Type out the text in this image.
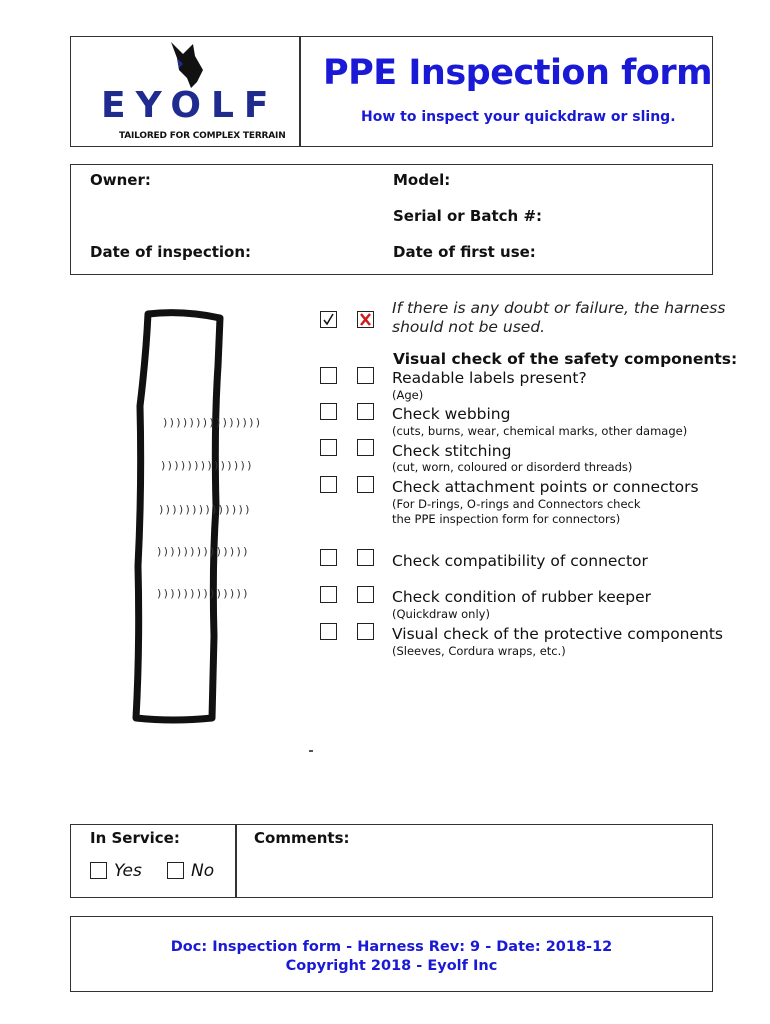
EYOLF
TAILORED FOR COMPLEX TERRAIN
PPE Inspection form
How to inspect your quickdraw or sling.
Owner:	Model:
Serial or Batch #:
Date of inspection:	Date of first use:
)))))))))))))))
))))))))))))))
))))))))))))))
))))))))))))))
))))))))))))))
If there is any doubt or failure, the harness
should not be used.
Visual check of the safety components:
Readable labels present?
(Age)
Check webbing
(cuts, burns, wear, chemical marks, other damage)
Check stitching
(cut, worn, coloured or disorderd threads)
Check attachment points or connectors
(For D-rings, O-rings and Connectors check
the PPE inspection form for connectors)
Check compatibility of connector
Check condition of rubber keeper
(Quickdraw only)
Visual check of the protective components
(Sleeves, Cordura wraps, etc.)
In Service:
Yes	No
Comments:
Doc: Inspection form - Harness Rev: 9 - Date: 2018-12
Copyright 2018 - Eyolf Inc
